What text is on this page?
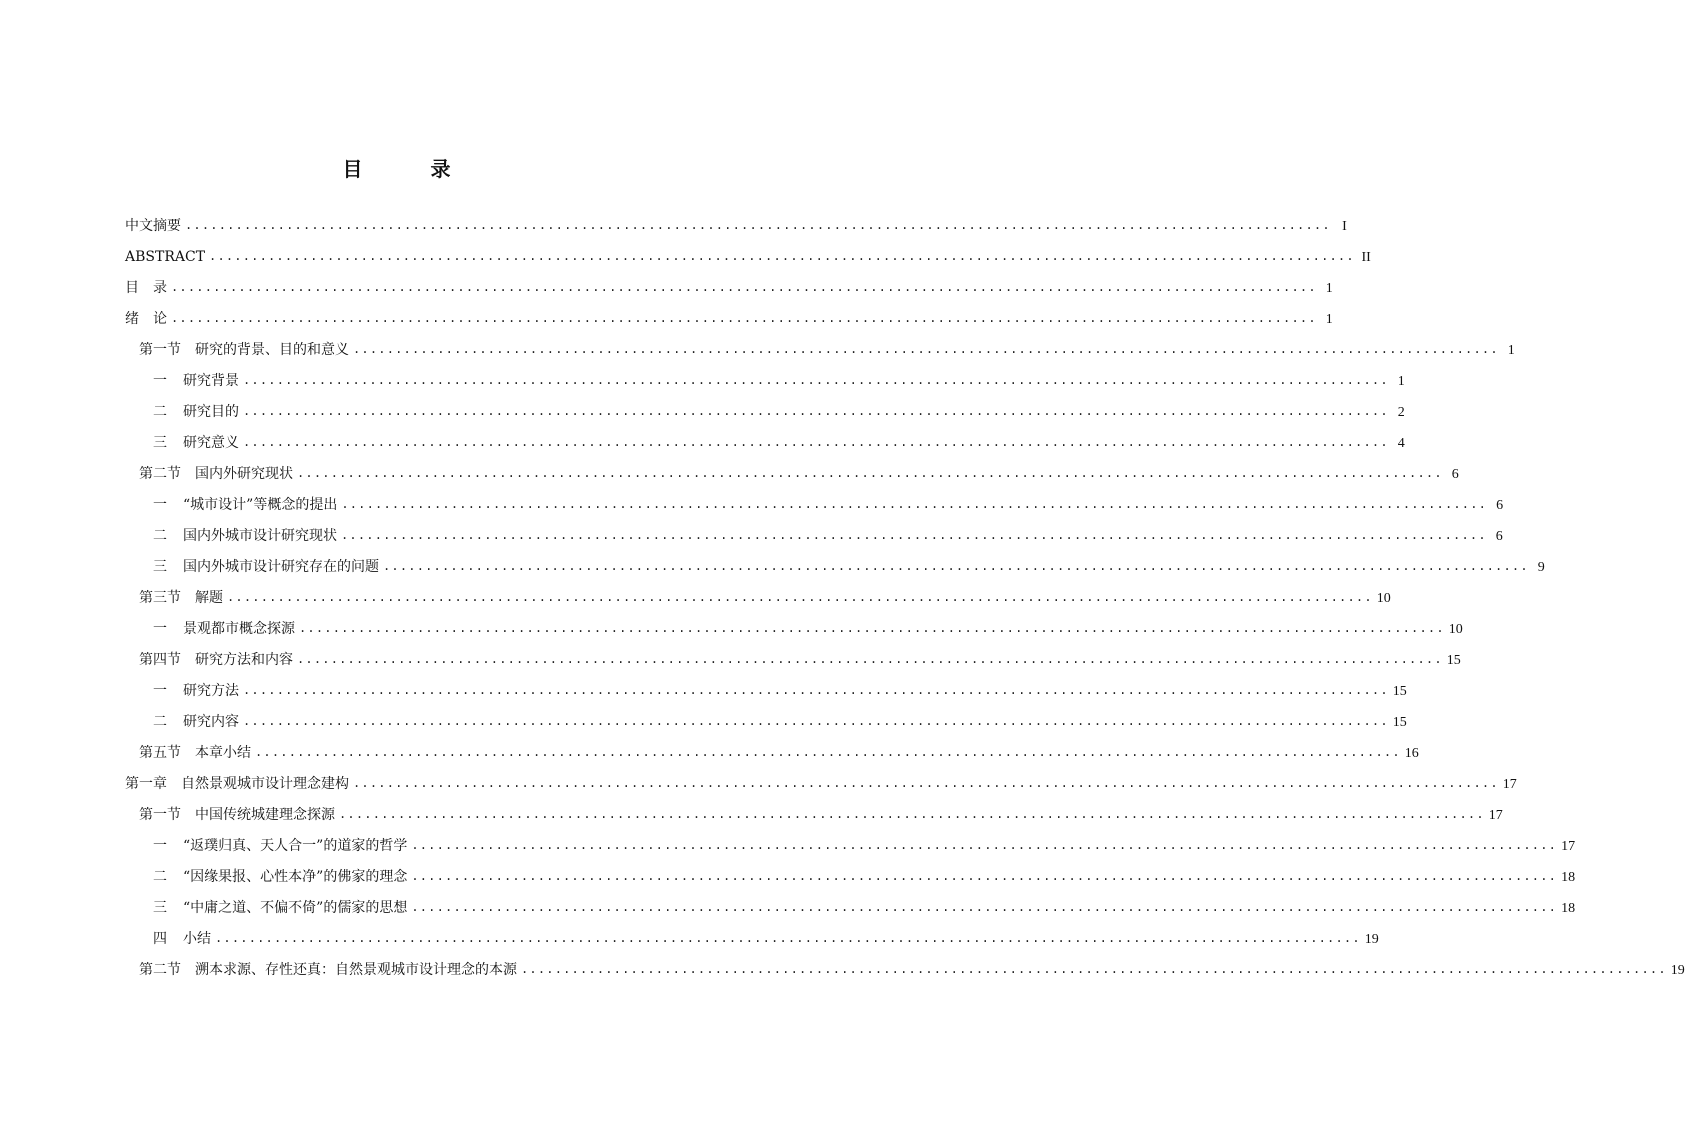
目　录
中文摘要 ........................................................................................................................................ I
ABSTRACT ........................................................................................................................................ II
目　录 ........................................................................................................................................ 1
绪　论 ........................................................................................................................................ 1
第一节 研究的背景、目的和意义 ........................................................................................................................................ 1
一 研究背景 ........................................................................................................................................ 1
二 研究目的 ........................................................................................................................................ 2
三 研究意义 ........................................................................................................................................ 4
第二节 国内外研究现状 ........................................................................................................................................ 6
一 “城市设计”等概念的提出 ........................................................................................................................................ 6
二 国内外城市设计研究现状 ........................................................................................................................................ 6
三 国内外城市设计研究存在的问题 ........................................................................................................................................ 9
第三节 解题 ........................................................................................................................................ 10
一 景观都市概念探源 ........................................................................................................................................ 10
第四节 研究方法和内容 ........................................................................................................................................ 15
一 研究方法 ........................................................................................................................................ 15
二 研究内容 ........................................................................................................................................ 15
第五节 本章小结 ........................................................................................................................................ 16
第一章 自然景观城市设计理念建构 ........................................................................................................................................ 17
第一节 中国传统城建理念探源 ........................................................................................................................................ 17
一 “返璞归真、天人合一”的道家的哲学 ........................................................................................................................................ 17
二 “因缘果报、心性本净”的佛家的理念 ........................................................................................................................................ 18
三 “中庸之道、不偏不倚”的儒家的思想 ........................................................................................................................................ 18
四 小结 ........................................................................................................................................ 19
第二节 溯本求源、存性还真：自然景观城市设计理念的本源 ........................................................................................................................................ 19
